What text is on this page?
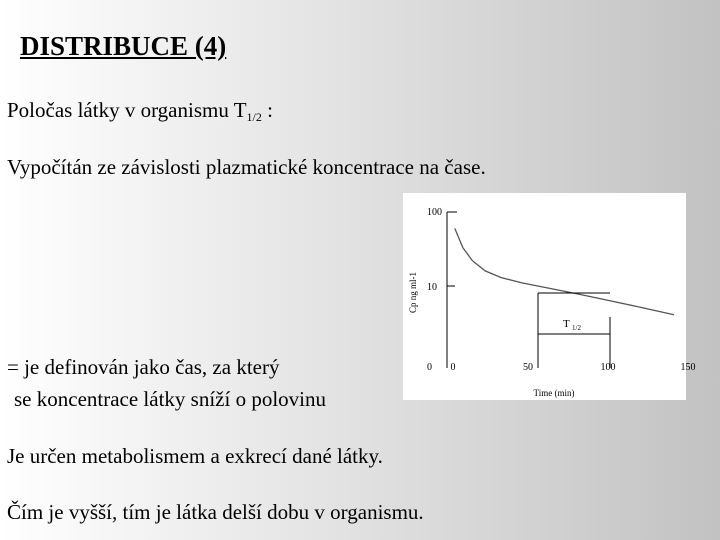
DISTRIBUCE (4)
Poločas látky v organismu $T_{1/2}$ :
Vypočítán ze závislosti plazmatické koncentrace na čase.
100
10
0
Cp ng ml-1
0	50	100	150
Time (min)
T 1/2
= je definován jako čas, za který
se koncentrace látky sníží o polovinu
Je určen metabolismem a exkrecí dané látky.
Čím je vyšší, tím je látka delší dobu v organismu.
